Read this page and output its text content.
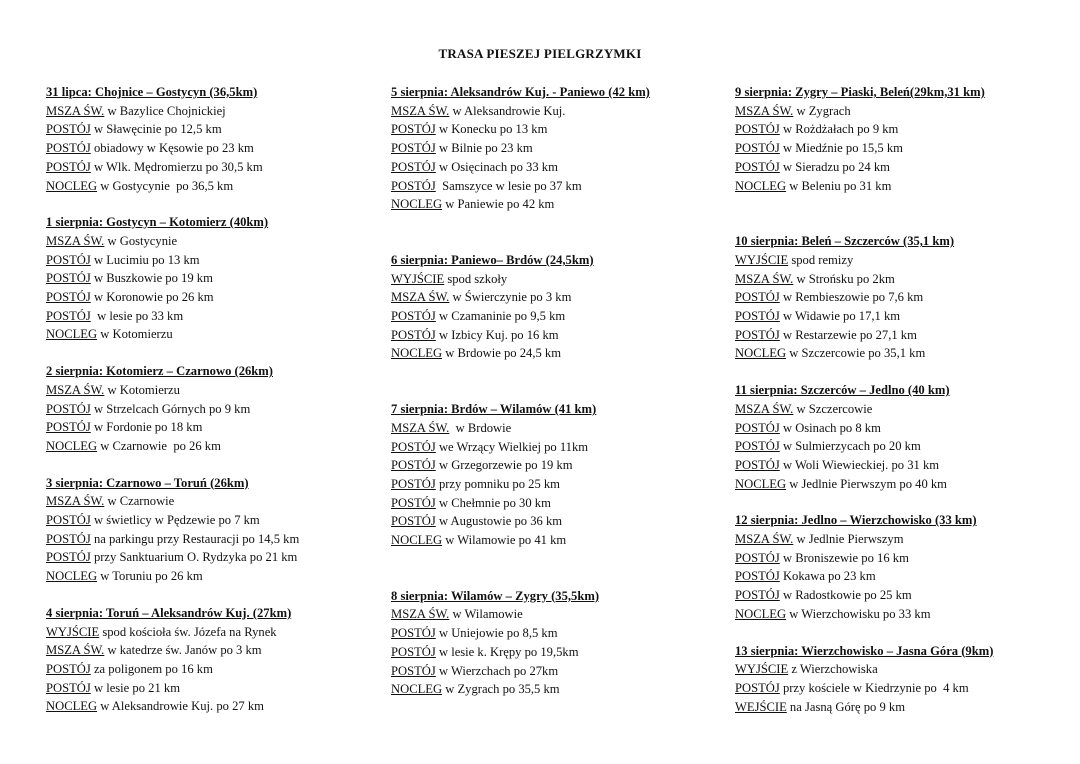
TRASA PIESZEJ PIELGRZYMKI
31 lipca: Chojnice – Gostycyn (36,5km)
MSZA ŚW. w Bazylice Chojnickiej
POSTÓJ w Sławęcinie po 12,5 km
POSTÓJ obiadowy w Kęsowie po 23 km
POSTÓJ w Wlk. Mędromierzu po 30,5 km
NOCLEG w Gostycynie  po 36,5 km
1 sierpnia: Gostycyn – Kotomierz (40km)
MSZA ŚW. w Gostycynie
POSTÓJ w Lucimiu po 13 km
POSTÓJ w Buszkowie po 19 km
POSTÓJ w Koronowie po 26 km
POSTÓJ  w lesie po 33 km
NOCLEG w Kotomierzu
2 sierpnia: Kotomierz – Czarnowo (26km)
MSZA ŚW. w Kotomierzu
POSTÓJ w Strzelcach Górnych po 9 km
POSTÓJ w Fordonie po 18 km
NOCLEG w Czarnowie  po 26 km
3 sierpnia: Czarnowo – Toruń (26km)
MSZA ŚW. w Czarnowie
POSTÓJ w świetlicy w Pędzewie po 7 km
POSTÓJ na parkingu przy Restauracji po 14,5 km
POSTÓJ przy Sanktuarium O. Rydzyka po 21 km
NOCLEG w Toruniu po 26 km
4 sierpnia: Toruń – Aleksandrów Kuj. (27km)
WYJŚCIE spod kościoła św. Józefa na Rynek
MSZA ŚW. w katedrze św. Janów po 3 km
POSTÓJ za poligonem po 16 km
POSTÓJ w lesie po 21 km
NOCLEG w Aleksandrowie Kuj. po 27 km
5 sierpnia: Aleksandrów Kuj. - Paniewo (42 km)
MSZA ŚW. w Aleksandrowie Kuj.
POSTÓJ w Konecku po 13 km
POSTÓJ w Bilnie po 23 km
POSTÓJ w Osięcinach po 33 km
POSTÓJ  Samszyce w lesie po 37 km
NOCLEG w Paniewie po 42 km
6 sierpnia: Paniewo– Brdów (24,5km)
WYJŚCIE spod szkoły
MSZA ŚW. w Świerczynie po 3 km
POSTÓJ w Czamaninie po 9,5 km
POSTÓJ w Izbicy Kuj. po 16 km
NOCLEG w Brdowie po 24,5 km
7 sierpnia: Brdów – Wilamów (41 km)
MSZA ŚW.  w Brdowie
POSTÓJ we Wrzący Wielkiej po 11km
POSTÓJ w Grzegorzewie po 19 km
POSTÓJ przy pomniku po 25 km
POSTÓJ w Chełmnie po 30 km
POSTÓJ w Augustowie po 36 km
NOCLEG w Wilamowie po 41 km
8 sierpnia: Wilamów – Zygry (35,5km)
MSZA ŚW. w Wilamowie
POSTÓJ w Uniejowie po 8,5 km
POSTÓJ w lesie k. Krępy po 19,5km
POSTÓJ w Wierzchach po 27km
NOCLEG w Zygrach po 35,5 km
9 sierpnia: Zygry – Piaski, Beleń(29km,31 km)
MSZA ŚW. w Zygrach
POSTÓJ w Rożdżałach po 9 km
POSTÓJ w Miedźnie po 15,5 km
POSTÓJ w Sieradzu po 24 km
NOCLEG w Beleniu po 31 km
10 sierpnia: Beleń – Szczerców (35,1 km)
WYJŚCIE spod remizy
MSZA ŚW. w Strońsku po 2km
POSTÓJ w Rembieszowie po 7,6 km
POSTÓJ w Widawie po 17,1 km
POSTÓJ w Restarzewie po 27,1 km
NOCLEG w Szczercowie po 35,1 km
11 sierpnia: Szczerców – Jedlno (40 km)
MSZA ŚW. w Szczercowie
POSTÓJ w Osinach po 8 km
POSTÓJ w Sulmierzycach po 20 km
POSTÓJ w Woli Wiewieckiej. po 31 km
NOCLEG w Jedlnie Pierwszym po 40 km
12 sierpnia: Jedlno – Wierzchowisko (33 km)
MSZA ŚW. w Jedlnie Pierwszym
POSTÓJ w Broniszewie po 16 km
POSTÓJ Kokawa po 23 km
POSTÓJ w Radostkowie po 25 km
NOCLEG w Wierzchowisku po 33 km
13 sierpnia: Wierzchowisko – Jasna Góra (9km)
WYJŚCIE z Wierzchowiska
POSTÓJ przy kościele w Kiedrzynie po  4 km
WEJŚCIE na Jasną Górę po 9 km
